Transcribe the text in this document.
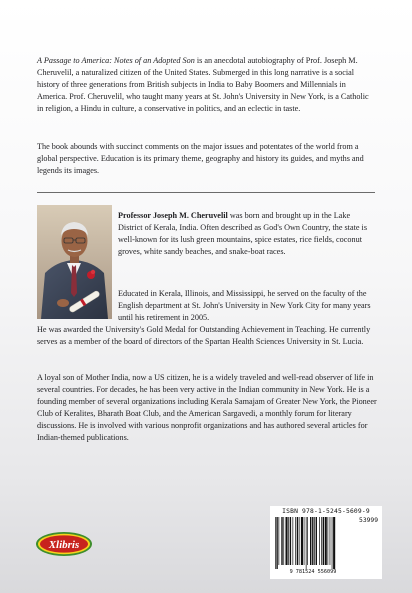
A Passage to America: Notes of an Adopted Son is an anecdotal autobiography of Prof. Joseph M. Cheruvelil, a naturalized citizen of the United States. Submerged in this long narrative is a social history of three generations from British subjects in India to Baby Boomers and Millennials in America. Prof. Cheruvelil, who taught many years at St. John's University in New York, is a Catholic in religion, a Hindu in culture, a conservative in politics, and an eclectic in taste.

The book abounds with succinct comments on the major issues and potentates of the world from a global perspective. Education is its primary theme, geography and history its guides, and myths and legends its images.

Professor Joseph M. Cheruvelil was born and brought up in the Lake District of Kerala, India. Often described as God's Own Country, the state is well-known for its lush green mountains, spice estates, rice fields, coconut groves, white sandy beaches, and snake-boat races.

Educated in Kerala, Illinois, and Mississippi, he served on the faculty of the English department at St. John's University in New York City for many years until his retirement in 2005.
He was awarded the University's Gold Medal for Outstanding Achievement in Teaching. He currently serves as a member of the board of directors of the Spartan Health Sciences University in St. Lucia.

A loyal son of Mother India, now a US citizen, he is a widely traveled and well-read observer of life in several countries. For decades, he has been very active in the Indian community in New York. He is a founding member of several organizations including Kerala Samajam of Greater New York, the Pioneer Club of Keralites, Bharath Boat Club, and the American Sargavedi, a monthly forum for literary discussions. He is involved with various nonprofit organizations and has authored several articles for Indian-themed publications.

Xlibris
ISBN 978-1-5245-5609-9
53999
9 781524 556099
